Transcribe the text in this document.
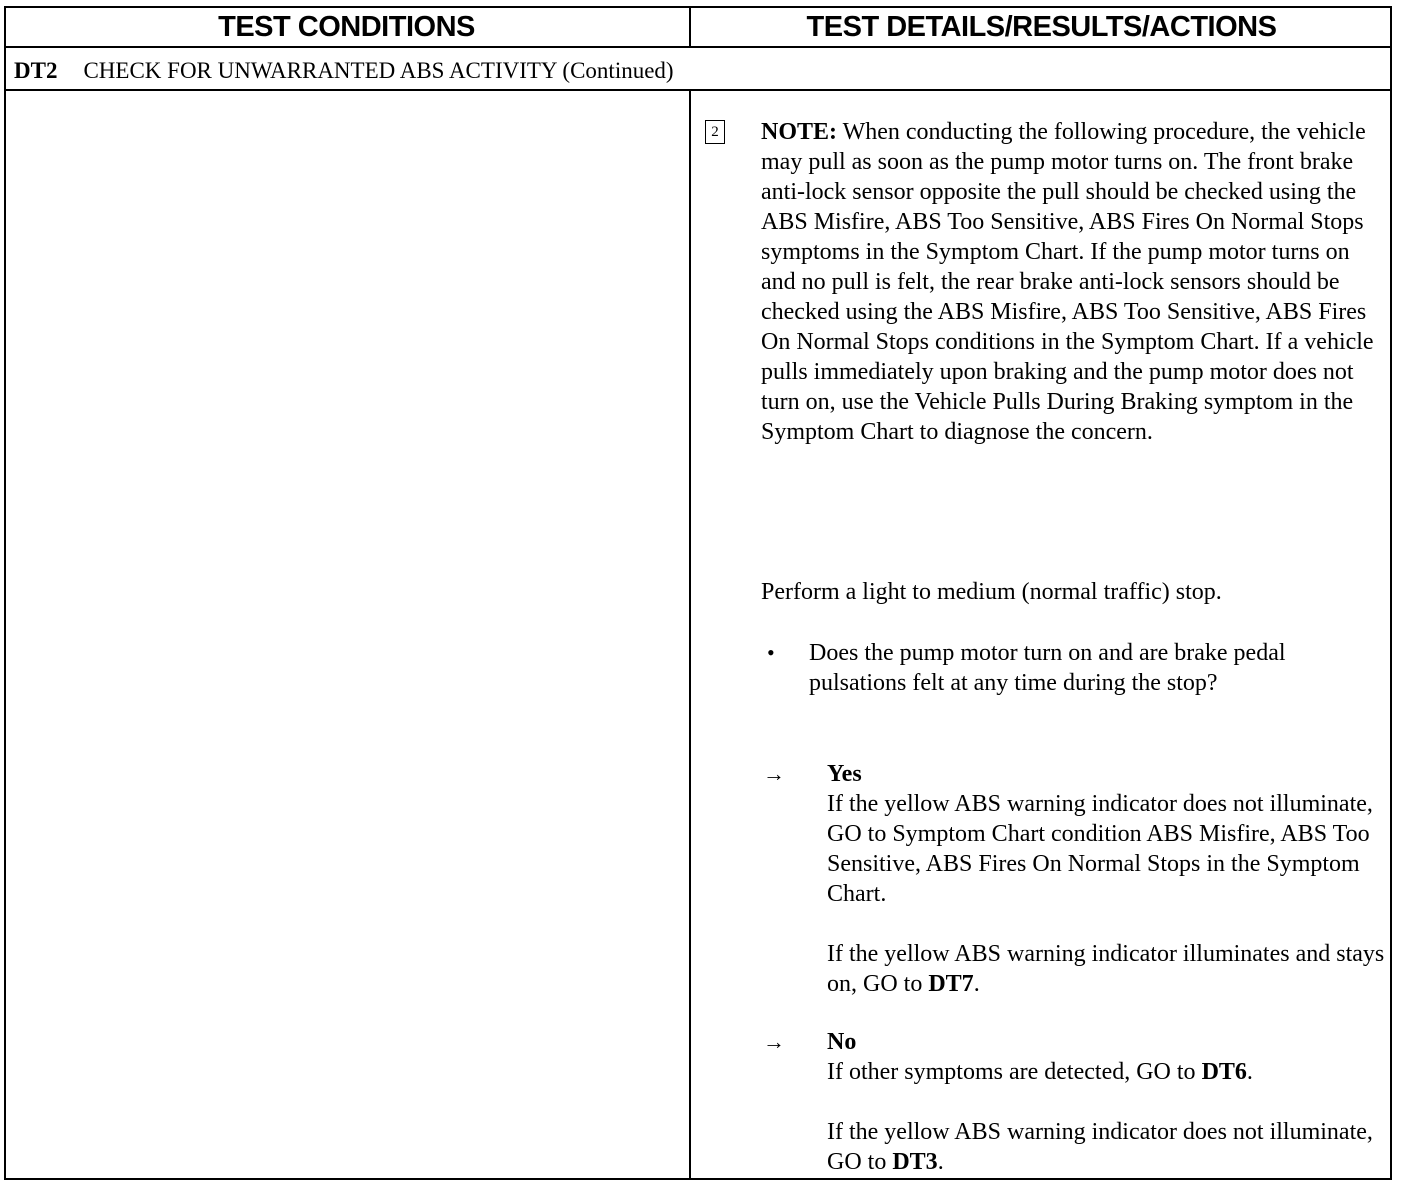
TEST CONDITIONS	TEST DETAILS/RESULTS/ACTIONS
DT2 CHECK FOR UNWARRANTED ABS ACTIVITY (Continued)
2 NOTE: When conducting the following procedure, the vehicle may pull as soon as the pump motor turns on. The front brake anti-lock sensor opposite the pull should be checked using the ABS Misfire, ABS Too Sensitive, ABS Fires On Normal Stops symptoms in the Symptom Chart. If the pump motor turns on and no pull is felt, the rear brake anti-lock sensors should be checked using the ABS Misfire, ABS Too Sensitive, ABS Fires On Normal Stops conditions in the Symptom Chart. If a vehicle pulls immediately upon braking and the pump motor does not turn on, use the Vehicle Pulls During Braking symptom in the Symptom Chart to diagnose the concern.
Perform a light to medium (normal traffic) stop.
• Does the pump motor turn on and are brake pedal pulsations felt at any time during the stop?
→ Yes
If the yellow ABS warning indicator does not illuminate, GO to Symptom Chart condition ABS Misfire, ABS Too Sensitive, ABS Fires On Normal Stops in the Symptom Chart.
If the yellow ABS warning indicator illuminates and stays on, GO to DT7.
→ No
If other symptoms are detected, GO to DT6.
If the yellow ABS warning indicator does not illuminate, GO to DT3.
